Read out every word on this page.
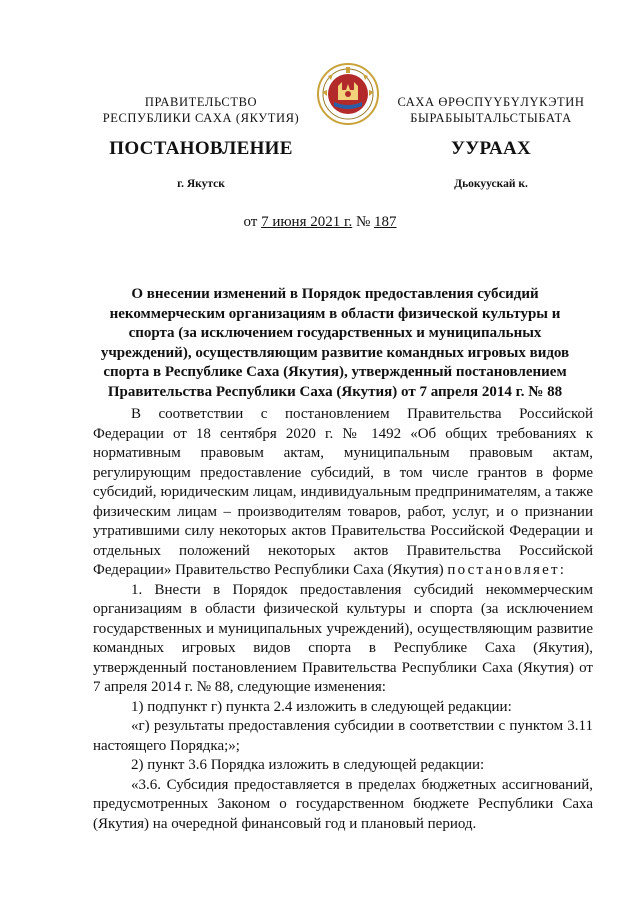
ПРАВИТЕЛЬСТВО
РЕСПУБЛИКИ САХА (ЯКУТИЯ)
САХА ӨРӨСПҮҮБҮЛҮКЭТИН
БЫРАБЫЫТАЛЬСТЫБАТА
ПОСТАНОВЛЕНИЕ	УУРААХ
г. Якутск	Дьокуускай к.
от 7 июня 2021 г. № 187
О внесении изменений в Порядок предоставления субсидий
некоммерческим организациям в области физической культуры и
спорта (за исключением государственных и муниципальных
учреждений), осуществляющим развитие командных игровых видов
спорта в Республике Саха (Якутия), утвержденный постановлением
Правительства Республики Саха (Якутия) от 7 апреля 2014 г. № 88

В соответствии с постановлением Правительства Российской Федерации от 18 сентября 2020 г. № 1492 «Об общих требованиях к нормативным правовым актам, муниципальным правовым актам, регулирующим предоставление субсидий, в том числе грантов в форме субсидий, юридическим лицам, индивидуальным предпринимателям, а также физическим лицам – производителям товаров, работ, услуг, и о признании утратившими силу некоторых актов Правительства Российской Федерации и отдельных положений некоторых актов Правительства Российской Федерации» Правительство Республики Саха (Якутия) постановляет:

1. Внести в Порядок предоставления субсидий некоммерческим организациям в области физической культуры и спорта (за исключением государственных и муниципальных учреждений), осуществляющим развитие командных игровых видов спорта в Республике Саха (Якутия), утвержденный постановлением Правительства Республики Саха (Якутия) от 7 апреля 2014 г. № 88, следующие изменения:

1) подпункт г) пункта 2.4 изложить в следующей редакции:

«г) результаты предоставления субсидии в соответствии с пунктом 3.11 настоящего Порядка;»;

2) пункт 3.6 Порядка изложить в следующей редакции:

«3.6. Субсидия предоставляется в пределах бюджетных ассигнований, предусмотренных Законом о государственном бюджете Республики Саха (Якутия) на очередной финансовый год и плановый период.
